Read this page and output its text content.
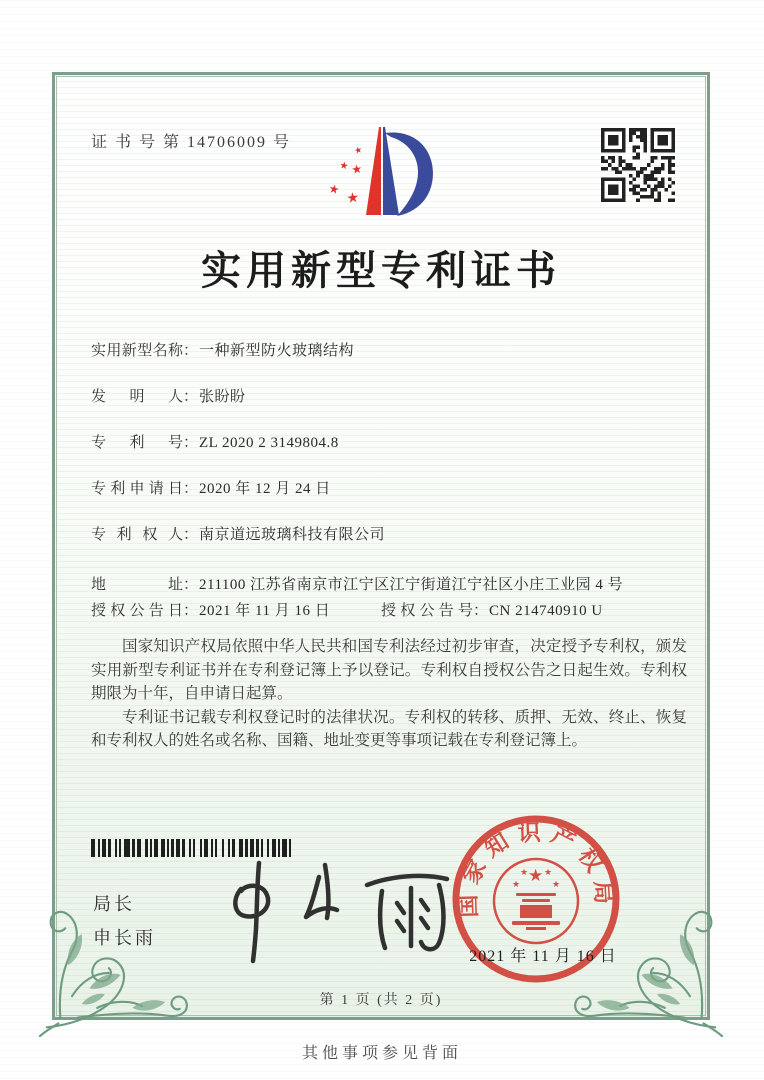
证 书 号 第 14706009 号
★
★ ★
★
★
实用新型专利证书
实用新型名称：一种新型防火玻璃结构
发明人：张盼盼
专利号：ZL 2020 2 3149804.8
专利申请日：2020 年 12 月 24 日
专利权人：南京道远玻璃科技有限公司
地址：211100 江苏省南京市江宁区江宁街道江宁社区小庄工业园 4 号
授权公告日：2021 年 11 月 16 日	授权公告号：CN 214740910 U

国家知识产权局依照中华人民共和国专利法经过初步审查，决定授予专利权，颁发实用新型专利证书并在专利登记簿上予以登记。专利权自授权公告之日起生效。专利权期限为十年，自申请日起算。

专利证书记载专利权登记时的法律状况。专利权的转移、质押、无效、终止、恢复和专利权人的姓名或名称、国籍、地址变更等事项记载在专利登记簿上。

局长
申长雨
国家知识产权局
★
★
★ ★
★
2021 年 11 月 16 日
第 1 页 (共 2 页)
其他事项参见背面
